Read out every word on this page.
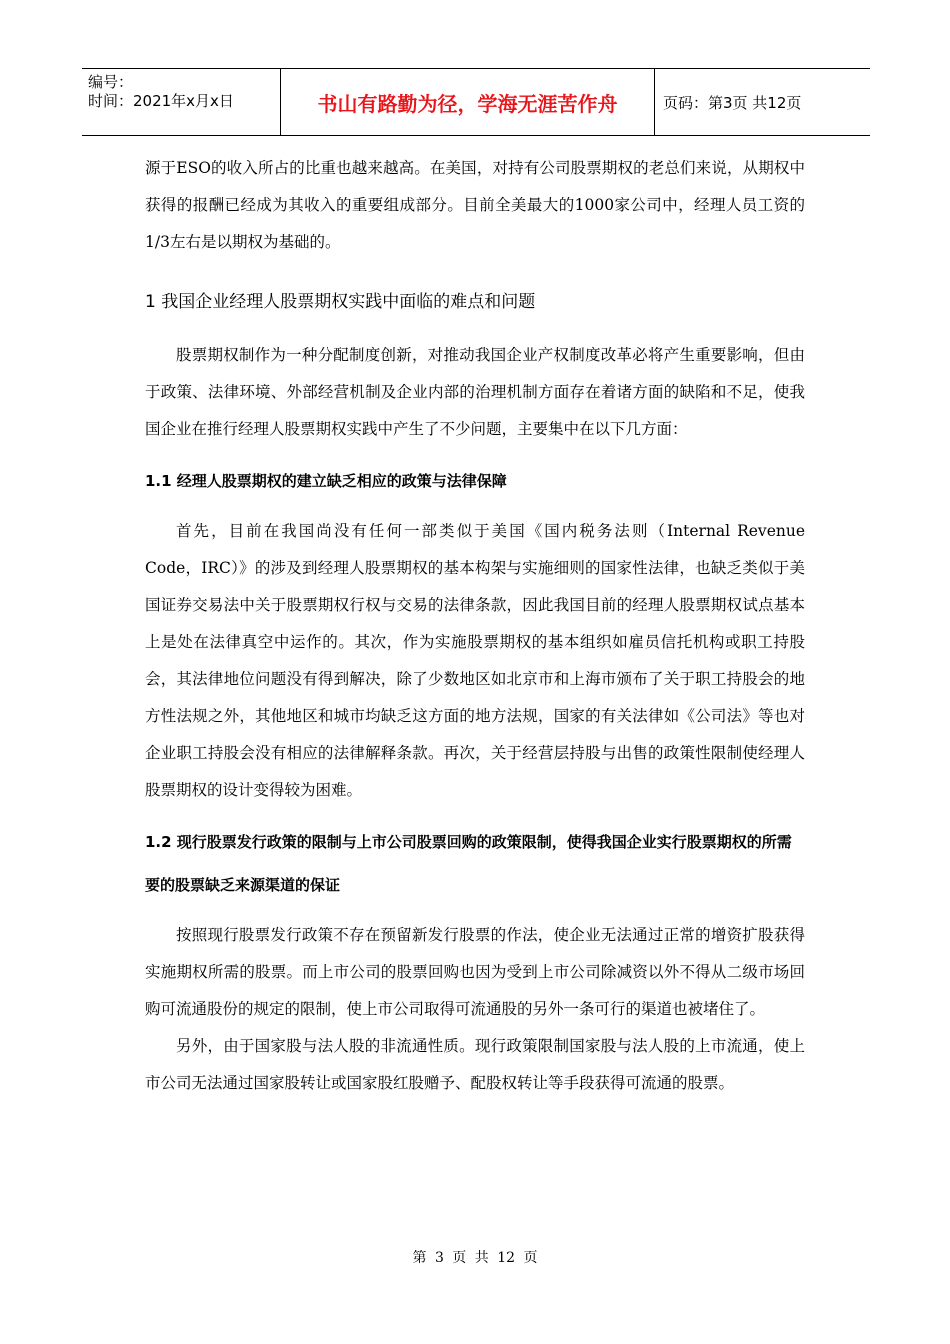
编号：
时间：2021年x月x日	书山有路勤为径，学海无涯苦作舟	页码：第3页 共12页

源于ESO的收入所占的比重也越来越高。在美国，对持有公司股票期权的老总们来说，从期权中获得的报酬已经成为其收入的重要组成部分。目前全美最大的1000家公司中，经理人员工资的1/3左右是以期权为基础的。

1 我国企业经理人股票期权实践中面临的难点和问题

股票期权制作为一种分配制度创新，对推动我国企业产权制度改革必将产生重要影响，但由于政策、法律环境、外部经营机制及企业内部的治理机制方面存在着诸方面的缺陷和不足，使我国企业在推行经理人股票期权实践中产生了不少问题，主要集中在以下几方面：

1.1 经理人股票期权的建立缺乏相应的政策与法律保障

首先，目前在我国尚没有任何一部类似于美国《国内税务法则（Internal Revenue Code，IRC）》的涉及到经理人股票期权的基本构架与实施细则的国家性法律，也缺乏类似于美国证券交易法中关于股票期权行权与交易的法律条款，因此我国目前的经理人股票期权试点基本上是处在法律真空中运作的。其次，作为实施股票期权的基本组织如雇员信托机构或职工持股会，其法律地位问题没有得到解决，除了少数地区如北京市和上海市颁布了关于职工持股会的地方性法规之外，其他地区和城市均缺乏这方面的地方法规，国家的有关法律如《公司法》等也对企业职工持股会没有相应的法律解释条款。再次，关于经营层持股与出售的政策性限制使经理人股票期权的设计变得较为困难。

1.2 现行股票发行政策的限制与上市公司股票回购的政策限制，使得我国企业实行股票期权的所需要的股票缺乏来源渠道的保证

按照现行股票发行政策不存在预留新发行股票的作法，使企业无法通过正常的增资扩股获得实施期权所需的股票。而上市公司的股票回购也因为受到上市公司除减资以外不得从二级市场回购可流通股份的规定的限制，使上市公司取得可流通股的另外一条可行的渠道也被堵住了。

另外，由于国家股与法人股的非流通性质。现行政策限制国家股与法人股的上市流通，使上市公司无法通过国家股转让或国家股红股赠予、配股权转让等手段获得可流通的股票。

第 3 页 共 12 页
